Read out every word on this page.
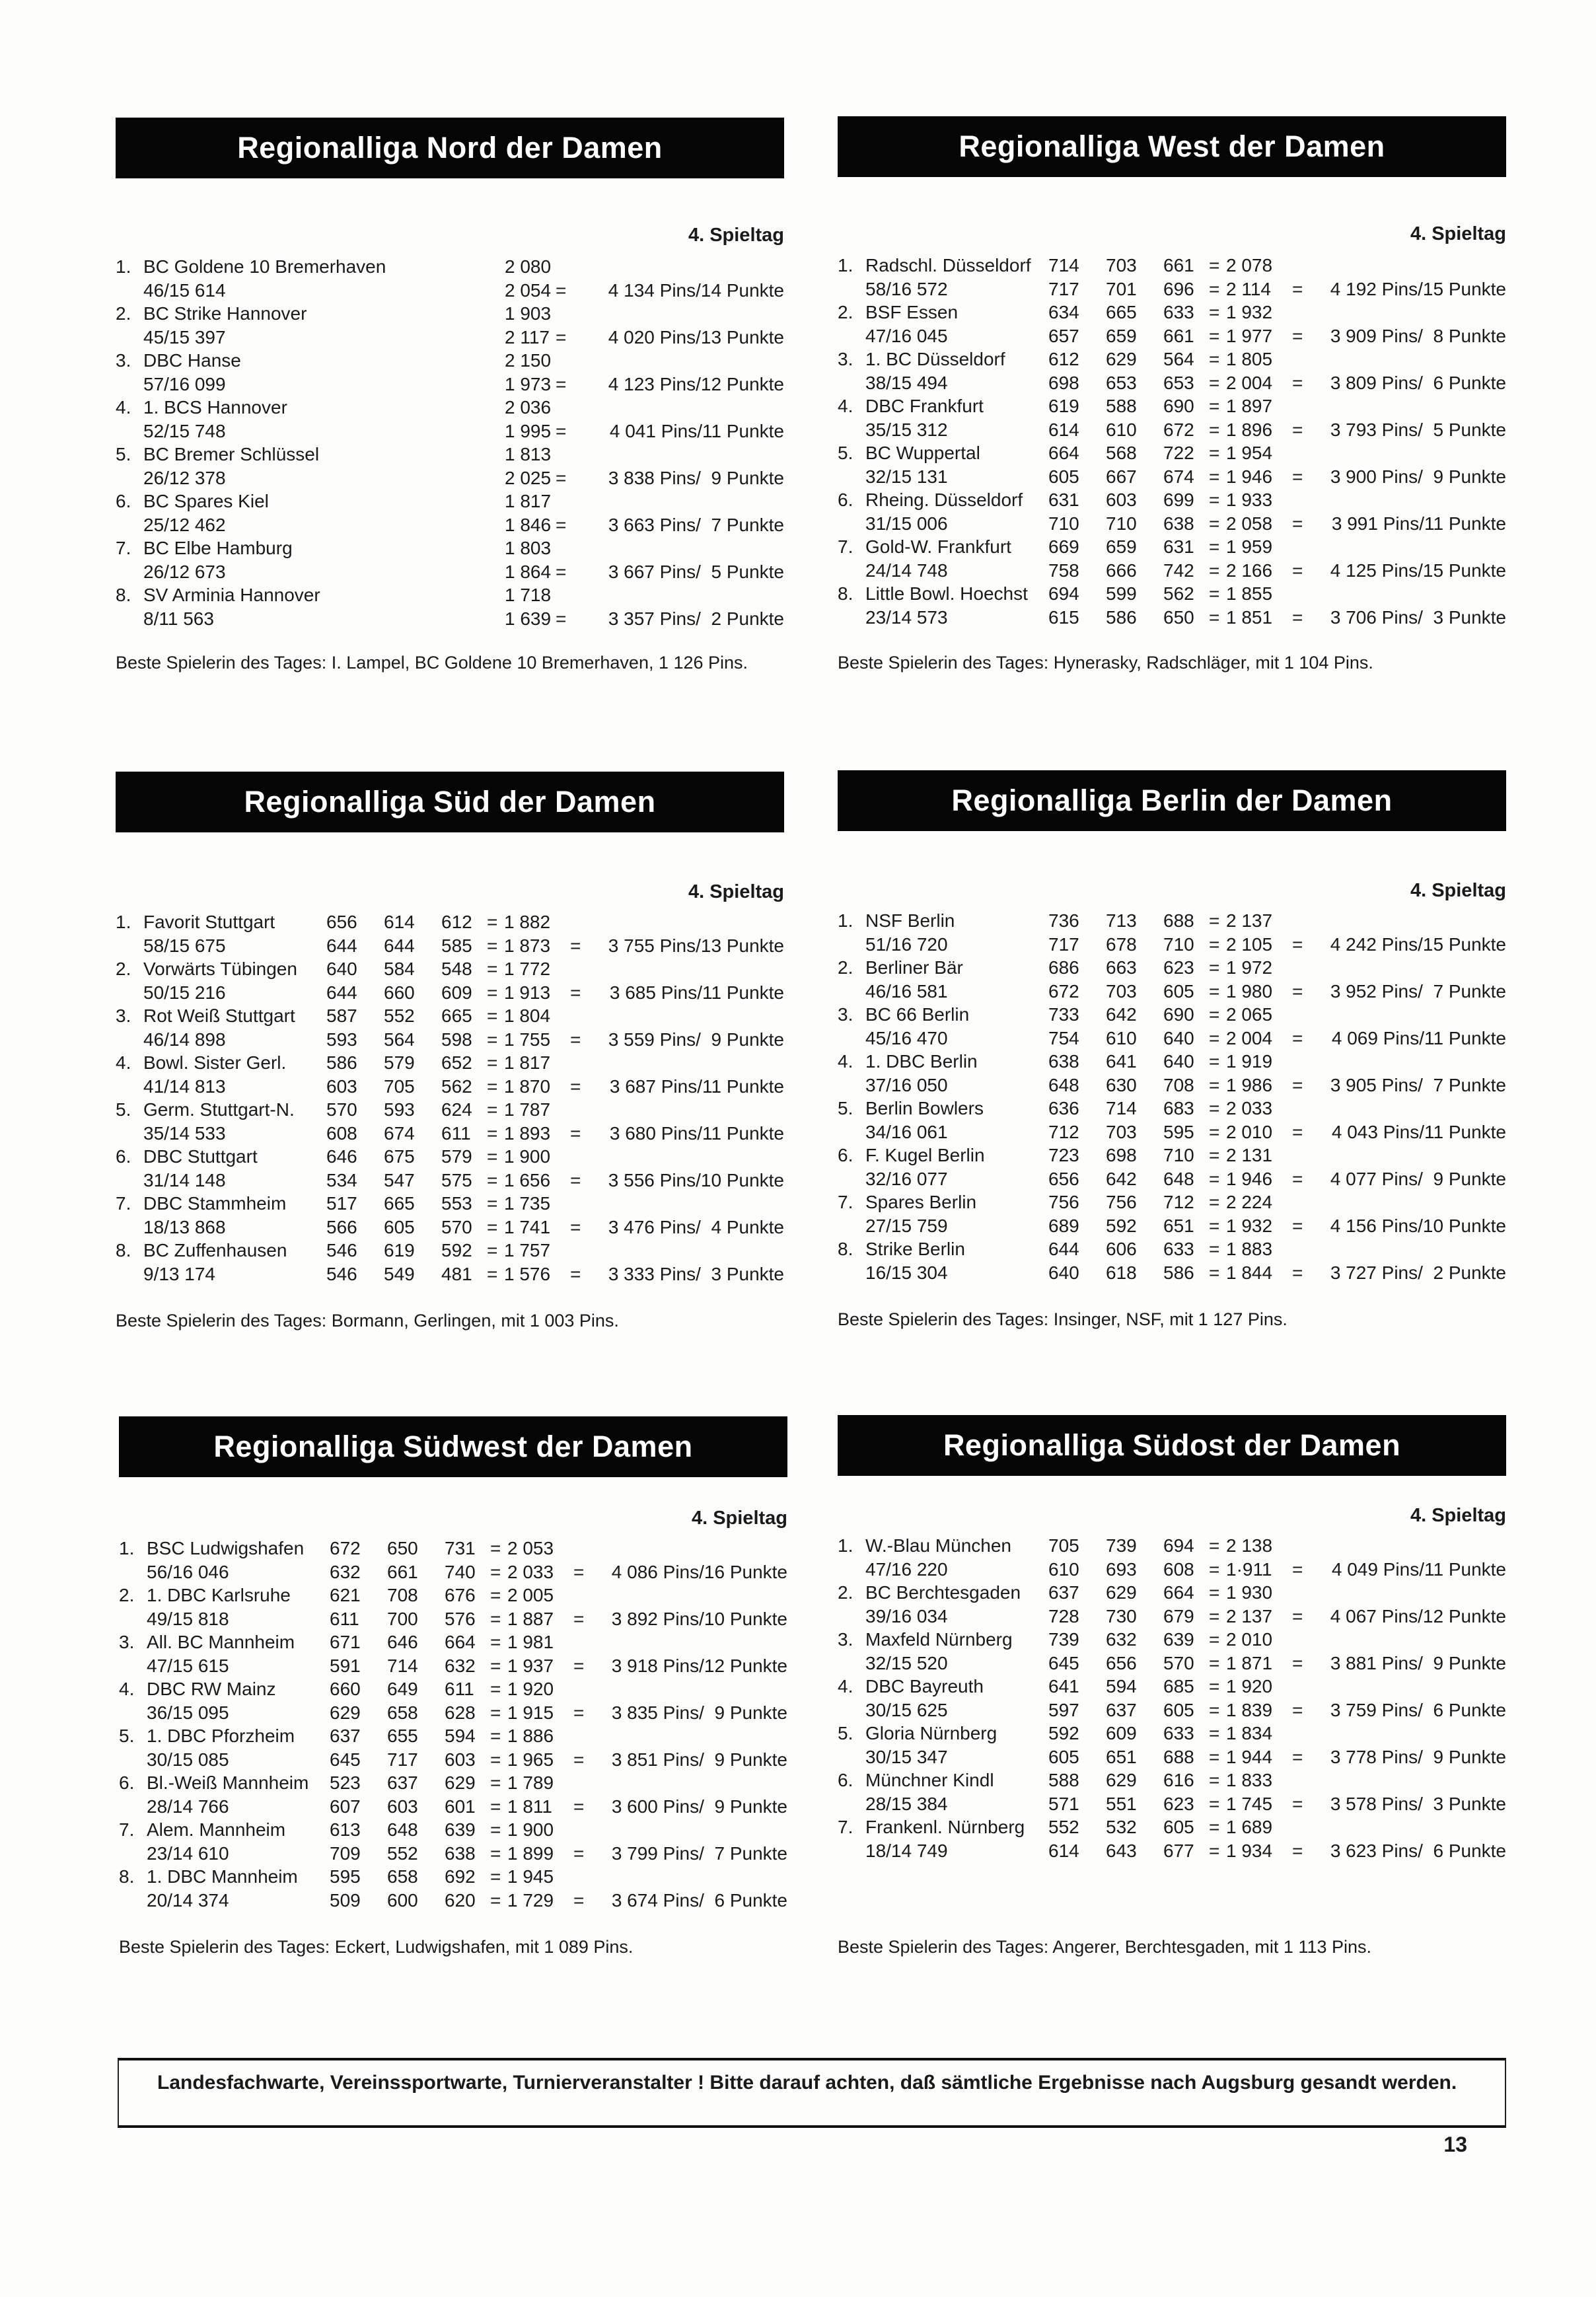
Regionalliga Nord der Damen
4. Spieltag
1. BC Goldene 10 Bremerhaven	2 080
46/15 614	2 054 = 4 134 Pins/14 Punkte
2. BC Strike Hannover	1 903
45/15 397	2 117 = 4 020 Pins/13 Punkte
3. DBC Hanse	2 150
57/16 099	1 973 = 4 123 Pins/12 Punkte
4. 1. BCS Hannover	2 036
52/15 748	1 995 = 4 041 Pins/11 Punkte
5. BC Bremer Schlüssel	1 813
26/12 378	2 025 = 3 838 Pins/  9 Punkte
6. BC Spares Kiel	1 817
25/12 462	1 846 = 3 663 Pins/  7 Punkte
7. BC Elbe Hamburg	1 803
26/12 673	1 864 = 3 667 Pins/  5 Punkte
8. SV Arminia Hannover	1 718
8/11 563	1 639 = 3 357 Pins/  2 Punkte
Beste Spielerin des Tages: I. Lampel, BC Goldene 10 Bremerhaven, 1 126 Pins.
Regionalliga West der Damen
4. Spieltag
1. Radschl. Düsseldorf 714 703 661 = 2 078
58/16 572	717 701 696 = 2 114 = 4 192 Pins/15 Punkte
2. BSF Essen	634 665 633 = 1 932
47/16 045	657 659 661 = 1 977 = 3 909 Pins/  8 Punkte
3. 1. BC Düsseldorf 612 629 564 = 1 805
38/15 494	698 653 653 = 2 004 = 3 809 Pins/  6 Punkte
4. DBC Frankfurt	619 588 690 = 1 897
35/15 312	614 610 672 = 1 896 = 3 793 Pins/  5 Punkte
5. BC Wuppertal	664 568 722 = 1 954
32/15 131	605 667 674 = 1 946 = 3 900 Pins/  9 Punkte
6. Rheing. Düsseldorf 631 603 699 = 1 933
31/15 006	710 710 638 = 2 058 = 3 991 Pins/11 Punkte
7. Gold-W. Frankfurt 669 659 631 = 1 959
24/14 748	758 666 742 = 2 166 = 4 125 Pins/15 Punkte
8. Little Bowl. Hoechst 694 599 562 = 1 855
23/14 573	615 586 650 = 1 851 = 3 706 Pins/  3 Punkte
Beste Spielerin des Tages: Hynerasky, Radschläger, mit 1 104 Pins.
Regionalliga Süd der Damen
4. Spieltag
1. Favorit Stuttgart	656 614 612 = 1 882
58/15 675	644 644 585 = 1 873 = 3 755 Pins/13 Punkte
2. Vorwärts Tübingen 640 584 548 = 1 772
50/15 216	644 660 609 = 1 913 = 3 685 Pins/11 Punkte
3. Rot Weiß Stuttgart 587 552 665 = 1 804
46/14 898	593 564 598 = 1 755 = 3 559 Pins/  9 Punkte
4. Bowl. Sister Gerl. 586 579 652 = 1 817
41/14 813	603 705 562 = 1 870 = 3 687 Pins/11 Punkte
5. Germ. Stuttgart-N. 570 593 624 = 1 787
35/14 533	608 674 611 = 1 893 = 3 680 Pins/11 Punkte
6. DBC Stuttgart	646 675 579 = 1 900
31/14 148	534 547 575 = 1 656 = 3 556 Pins/10 Punkte
7. DBC Stammheim 517 665 553 = 1 735
18/13 868	566 605 570 = 1 741 = 3 476 Pins/  4 Punkte
8. BC Zuffenhausen 546 619 592 = 1 757
9/13 174	546 549 481 = 1 576 = 3 333 Pins/  3 Punkte
Beste Spielerin des Tages: Bormann, Gerlingen, mit 1 003 Pins.
Regionalliga Berlin der Damen
4. Spieltag
1. NSF Berlin	736 713 688 = 2 137
51/16 720	717 678 710 = 2 105 = 4 242 Pins/15 Punkte
2. Berliner Bär	686 663 623 = 1 972
46/16 581	672 703 605 = 1 980 = 3 952 Pins/  7 Punkte
3. BC 66 Berlin	733 642 690 = 2 065
45/16 470	754 610 640 = 2 004 = 4 069 Pins/11 Punkte
4. 1. DBC Berlin	638 641 640 = 1 919
37/16 050	648 630 708 = 1 986 = 3 905 Pins/  7 Punkte
5. Berlin Bowlers	636 714 683 = 2 033
34/16 061	712 703 595 = 2 010 = 4 043 Pins/11 Punkte
6. F. Kugel Berlin	723 698 710 = 2 131
32/16 077	656 642 648 = 1 946 = 4 077 Pins/  9 Punkte
7. Spares Berlin	756 756 712 = 2 224
27/15 759	689 592 651 = 1 932 = 4 156 Pins/10 Punkte
8. Strike Berlin	644 606 633 = 1 883
16/15 304	640 618 586 = 1 844 = 3 727 Pins/  2 Punkte
Beste Spielerin des Tages: Insinger, NSF, mit 1 127 Pins.
Regionalliga Südwest der Damen
4. Spieltag
1. BSC Ludwigshafen 672 650 731 = 2 053
56/16 046	632 661 740 = 2 033 = 4 086 Pins/16 Punkte
2. 1. DBC Karlsruhe 621 708 676 = 2 005
49/15 818	611 700 576 = 1 887 = 3 892 Pins/10 Punkte
3. All. BC Mannheim 671 646 664 = 1 981
47/15 615	591 714 632 = 1 937 = 3 918 Pins/12 Punkte
4. DBC RW Mainz	660 649 611 = 1 920
36/15 095	629 658 628 = 1 915 = 3 835 Pins/  9 Punkte
5. 1. DBC Pforzheim 637 655 594 = 1 886
30/15 085	645 717 603 = 1 965 = 3 851 Pins/  9 Punkte
6. Bl.-Weiß Mannheim 523 637 629 = 1 789
28/14 766	607 603 601 = 1 811 = 3 600 Pins/  9 Punkte
7. Alem. Mannheim 613 648 639 = 1 900
23/14 610	709 552 638 = 1 899 = 3 799 Pins/  7 Punkte
8. 1. DBC Mannheim 595 658 692 = 1 945
20/14 374	509 600 620 = 1 729 = 3 674 Pins/  6 Punkte
Beste Spielerin des Tages: Eckert, Ludwigshafen, mit 1 089 Pins.
Regionalliga Südost der Damen
4. Spieltag
1. W.-Blau München 705 739 694 = 2 138
47/16 220	610 693 608 = 1·911 = 4 049 Pins/11 Punkte
2. BC Berchtesgaden 637 629 664 = 1 930
39/16 034	728 730 679 = 2 137 = 4 067 Pins/12 Punkte
3. Maxfeld Nürnberg 739 632 639 = 2 010
32/15 520	645 656 570 = 1 871 = 3 881 Pins/  9 Punkte
4. DBC Bayreuth	641 594 685 = 1 920
30/15 625	597 637 605 = 1 839 = 3 759 Pins/  6 Punkte
5. Gloria Nürnberg	592 609 633 = 1 834
30/15 347	605 651 688 = 1 944 = 3 778 Pins/  9 Punkte
6. Münchner Kindl	588 629 616 = 1 833
28/15 384	571 551 623 = 1 745 = 3 578 Pins/  3 Punkte
7. Frankenl. Nürnberg 552 532 605 = 1 689
18/14 749	614 643 677 = 1 934 = 3 623 Pins/  6 Punkte
Beste Spielerin des Tages: Angerer, Berchtesgaden, mit 1 113 Pins.
Landesfachwarte, Vereinssportwarte, Turnierveranstalter ! Bitte darauf achten, daß sämtliche Ergebnisse nach Augsburg gesandt werden.
13
